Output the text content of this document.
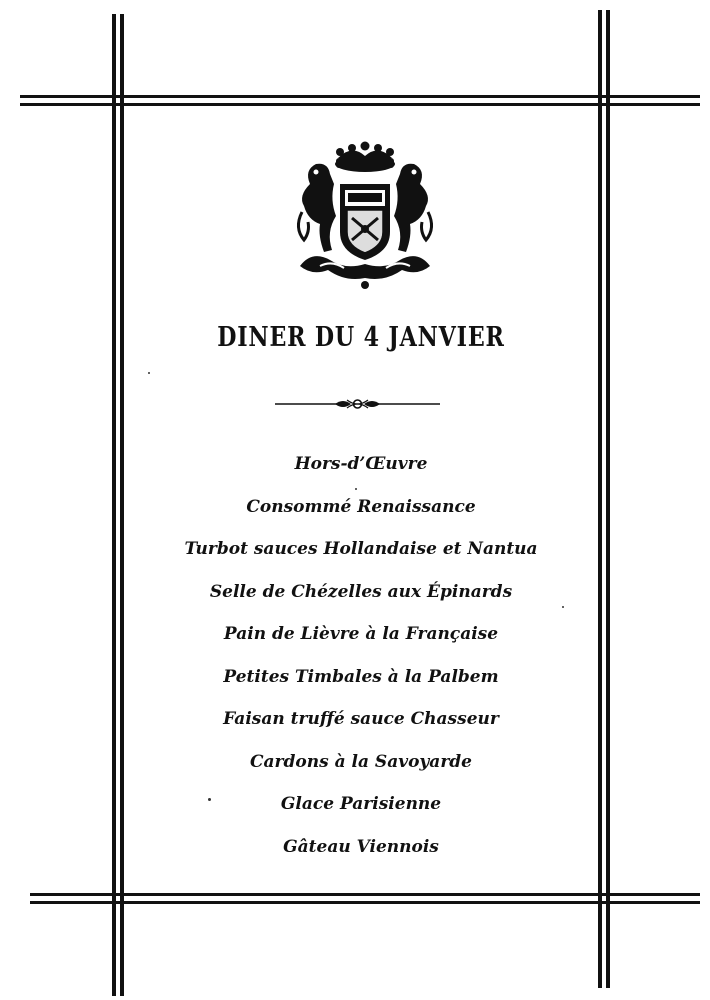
DINER DU 4 JANVIER
Hors-d’Œuvre
Consommé Renaissance
Turbot sauces Hollandaise et Nantua
Selle de Chézelles aux Épinards
Pain de Lièvre à la Française
Petites Timbales à la Palbem
Faisan truffé sauce Chasseur
Cardons à la Savoyarde
Glace Parisienne
Gâteau Viennois
